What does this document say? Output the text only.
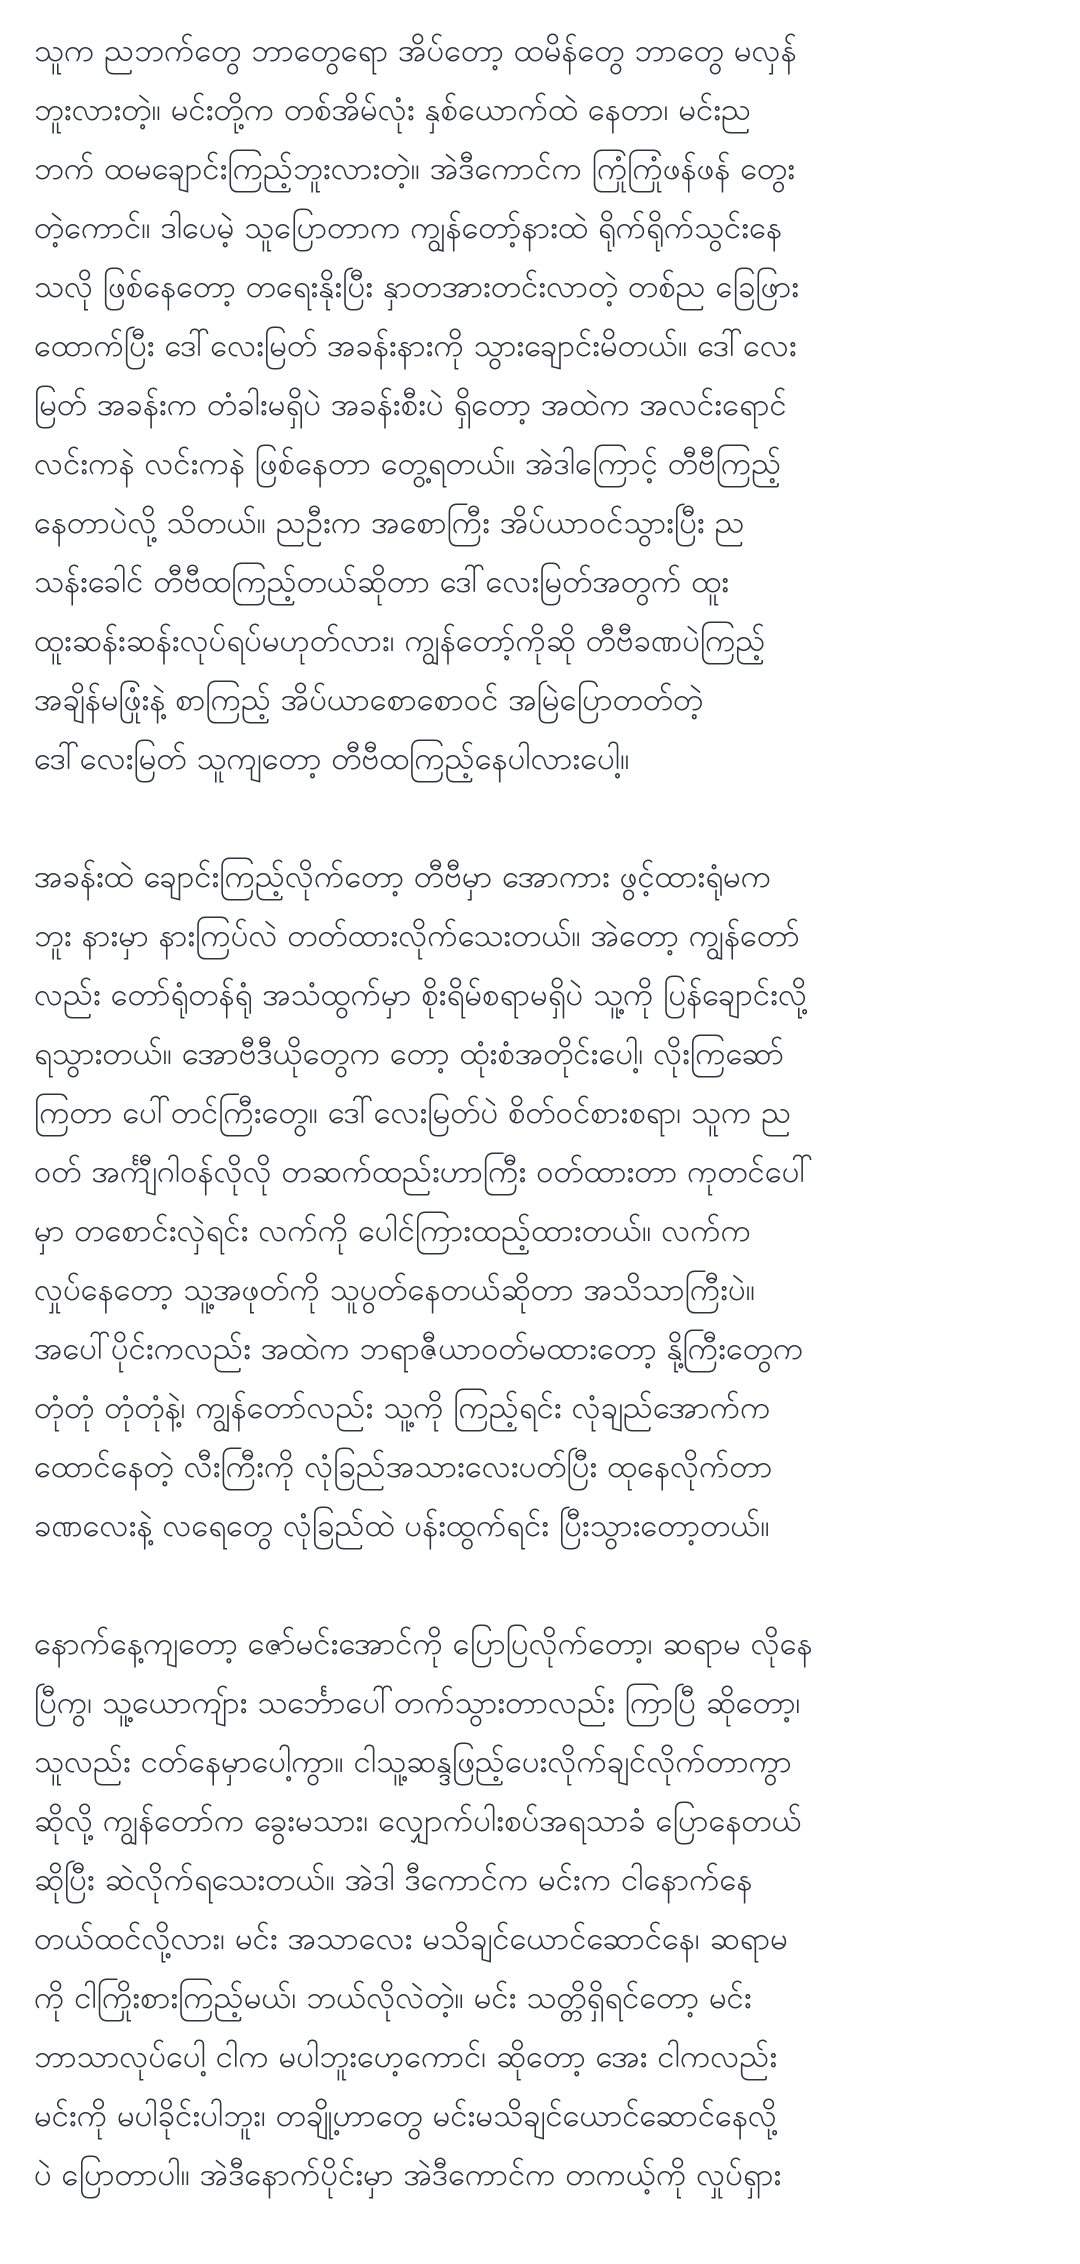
သူက ညဘက်တွေ ဘာတွေရော အိပ်တော့ ထမိန်တွေ ဘာတွေ မလှန်
ဘူးလားတဲ့။ မင်းတို့က တစ်အိမ်လုံး နှစ်ယောက်ထဲ နေတာ၊ မင်းည
ဘက် ထမချောင်းကြည့်ဘူးလားတဲ့။ အဲဒီကောင်က ကြုံကြုံဖန်ဖန် တွေး
တဲ့ကောင်။ ဒါပေမဲ့ သူပြောတာက ကျွန်တော့်နားထဲ ရိုက်ရိုက်သွင်းနေ
သလို ဖြစ်နေတော့ တရေးနိုးပြီး နှာတအားတင်းလာတဲ့ တစ်ည ခြေဖြား
ထောက်ပြီး ဒေါ်လေးမြတ် အခန်းနားကို သွားချောင်းမိတယ်။ ဒေါ်လေး
မြတ် အခန်းက တံခါးမရှိပဲ အခန်းစီးပဲ ရှိတော့ အထဲက အလင်းရောင်
လင်းကနဲ လင်းကနဲ ဖြစ်နေတာ တွေ့ရတယ်။ အဲဒါကြောင့် တီဗီကြည့်
နေတာပဲလို့ သိတယ်။ ညဦးက အစောကြီး အိပ်ယာဝင်သွားပြီး ည
သန်းခေါင် တီဗီထကြည့်တယ်ဆိုတာ ဒေါ်လေးမြတ်အတွက် ထူး
ထူးဆန်းဆန်းလုပ်ရပ်မဟုတ်လား၊ ကျွန်တော့်ကိုဆို တီဗီခဏပဲကြည့်
အချိန်မဖြုံးနဲ့ စာကြည့် အိပ်ယာစောစောဝင် အမြဲပြောတတ်တဲ့
ဒေါ်လေးမြတ် သူကျတော့ တီဗီထကြည့်နေပါလားပေါ့။
အခန်းထဲ ချောင်းကြည့်လိုက်တော့ တီဗီမှာ အောကား ဖွင့်ထားရုံမက
ဘူး နားမှာ နားကြပ်လဲ တတ်ထားလိုက်သေးတယ်။ အဲတော့ ကျွန်တော်
လည်း တော်ရုံတန်ရုံ အသံထွက်မှာ စိုးရိမ်စရာမရှိပဲ သူ့ကို ပြန်ချောင်းလို့
ရသွားတယ်။ အောဗီဒီယိုတွေက တော့ ထုံးစံအတိုင်းပေါ့၊ လိုးကြဆော်
ကြတာ ပေါ်တင်ကြီးတွေ။ ဒေါ်လေးမြတ်ပဲ စိတ်ဝင်စားစရာ၊ သူက ည
ဝတ် အင်္ကျီဂါဝန်လိုလို တဆက်ထည်းဟာကြီး ဝတ်ထားတာ ကုတင်ပေါ်
မှာ တစောင်းလှဲရင်း လက်ကို ပေါင်ကြားထည့်ထားတယ်။ လက်က
လှုပ်နေတော့ သူ့အဖုတ်ကို သူပွတ်နေတယ်ဆိုတာ အသိသာကြီးပဲ။
အပေါ်ပိုင်းကလည်း အထဲက ဘရာဇီယာဝတ်မထားတော့ နို့ကြီးတွေက
တုံတုံ တုံတုံနဲ့၊ ကျွန်တော်လည်း သူ့ကို ကြည့်ရင်း လုံချည်အောက်က
ထောင်နေတဲ့ လီးကြီးကို လုံခြည်အသားလေးပတ်ပြီး ထုနေလိုက်တာ
ခဏလေးနဲ့ လရေတွေ လုံခြည်ထဲ ပန်းထွက်ရင်း ပြီးသွားတော့တယ်။
နောက်နေ့ကျတော့ ဇော်မင်းအောင်ကို ပြောပြလိုက်တော့၊ ဆရာမ လိုနေ
ပြီကွ၊ သူ့ယောကျ်ား သင်္ဘောပေါ်တက်သွားတာလည်း ကြာပြီ ဆိုတော့၊
သူလည်း ငတ်နေမှာပေါ့ကွာ။ ငါသူ့ဆန္ဒဖြည့်ပေးလိုက်ချင်လိုက်တာကွာ
ဆိုလို့ ကျွန်တော်က ခွေးမသား၊ လျှောက်ပါးစပ်အရသာခံ ပြောနေတယ်
ဆိုပြီး ဆဲလိုက်ရသေးတယ်။ အဲဒါ ဒီကောင်က မင်းက ငါနောက်နေ
တယ်ထင်လို့လား၊ မင်း အသာလေး မသိချင်ယောင်ဆောင်နေ၊ ဆရာမ
ကို ငါကြိုးစားကြည့်မယ်၊ ဘယ်လိုလဲတဲ့။ မင်း သတ္တိရှိရင်တော့ မင်း
ဘာသာလုပ်ပေါ့ ငါက မပါဘူးဟေ့ကောင်၊ ဆိုတော့ အေး ငါကလည်း
မင်းကို မပါခိုင်းပါဘူး၊ တချို့ဟာတွေ မင်းမသိချင်ယောင်ဆောင်နေလို့
ပဲ ပြောတာပါ။ အဲဒီနောက်ပိုင်းမှာ အဲဒီကောင်က တကယ့်ကို လှုပ်ရှား
